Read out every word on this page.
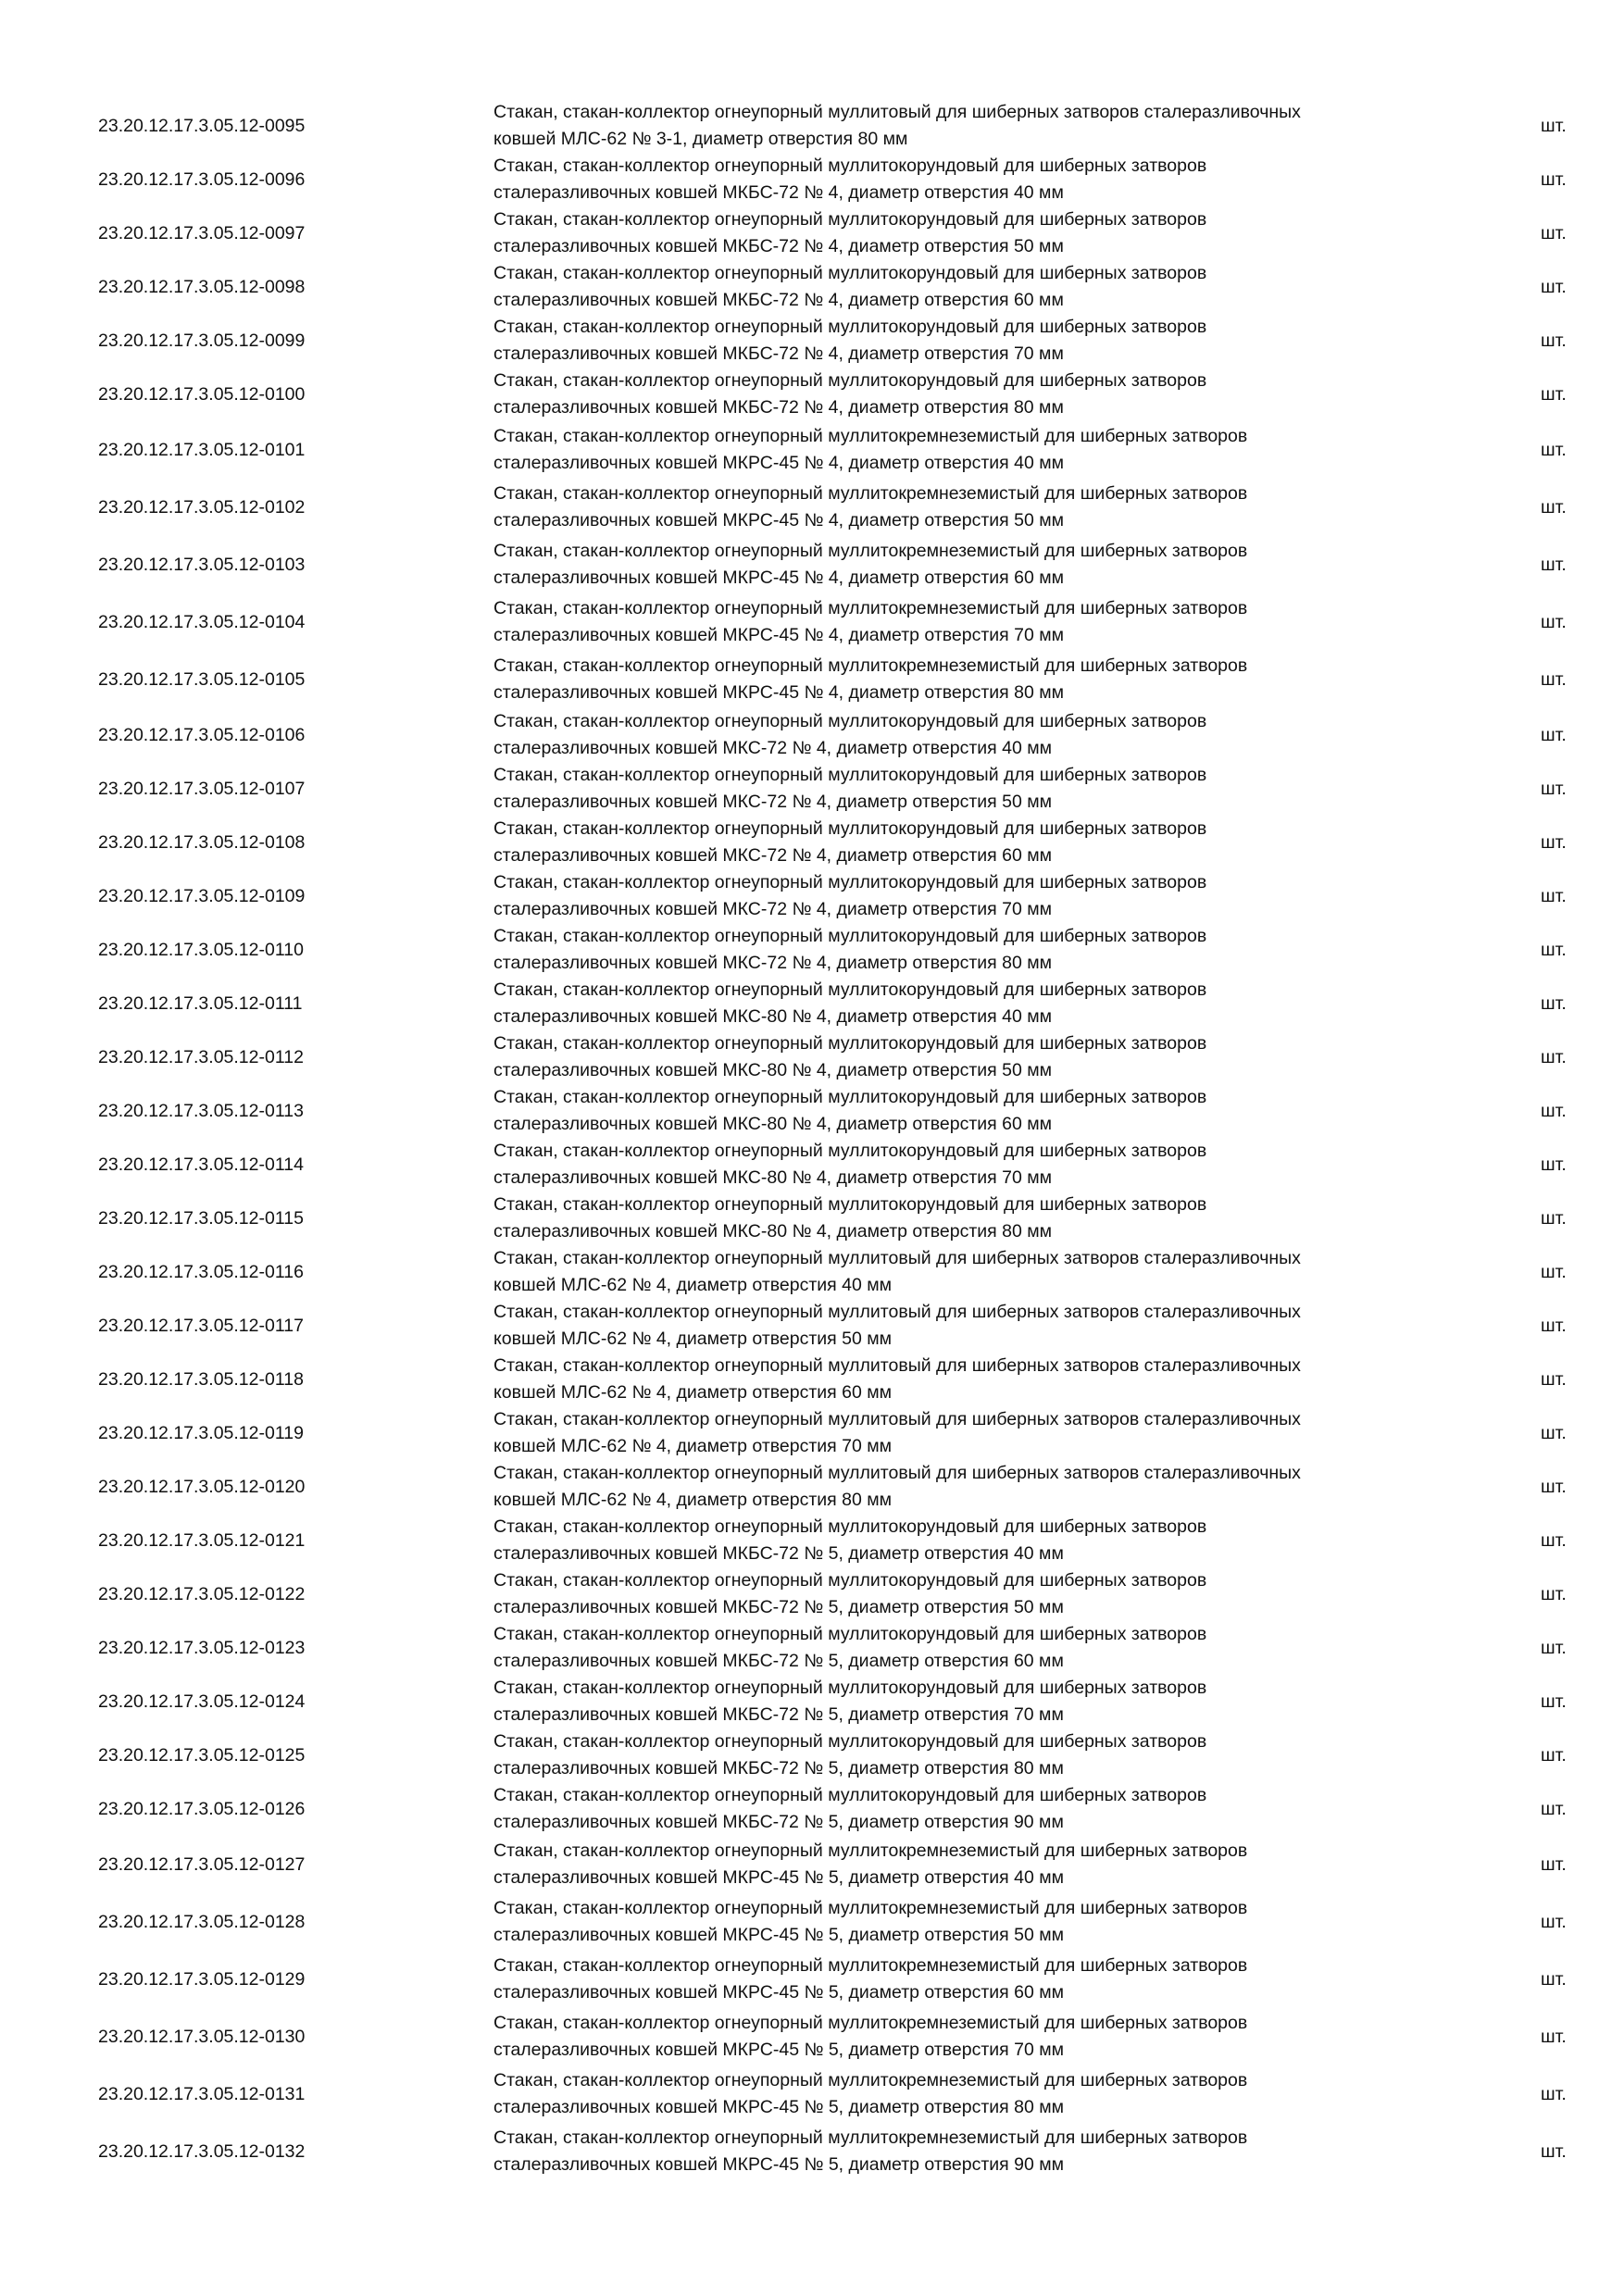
23.20.12.17.3.05.12-0095
Стакан, стакан-коллектор огнеупорный муллитовый для шиберных затворов сталеразливочных
ковшей МЛС-62 № 3-1, диаметр отверстия 80 мм
шт.
23.20.12.17.3.05.12-0096
Стакан, стакан-коллектор огнеупорный муллитокорундовый для шиберных затворов
сталеразливочных ковшей МКБС-72 № 4, диаметр отверстия 40 мм
шт.
23.20.12.17.3.05.12-0097
Стакан, стакан-коллектор огнеупорный муллитокорундовый для шиберных затворов
сталеразливочных ковшей МКБС-72 № 4, диаметр отверстия 50 мм
шт.
23.20.12.17.3.05.12-0098
Стакан, стакан-коллектор огнеупорный муллитокорундовый для шиберных затворов
сталеразливочных ковшей МКБС-72 № 4, диаметр отверстия 60 мм
шт.
23.20.12.17.3.05.12-0099
Стакан, стакан-коллектор огнеупорный муллитокорундовый для шиберных затворов
сталеразливочных ковшей МКБС-72 № 4, диаметр отверстия 70 мм
шт.
23.20.12.17.3.05.12-0100
Стакан, стакан-коллектор огнеупорный муллитокорундовый для шиберных затворов
сталеразливочных ковшей МКБС-72 № 4, диаметр отверстия 80 мм
шт.
23.20.12.17.3.05.12-0101
Стакан, стакан-коллектор огнеупорный муллитокремнеземистый для шиберных затворов
сталеразливочных ковшей МКРС-45 № 4, диаметр отверстия 40 мм
шт.
23.20.12.17.3.05.12-0102
Стакан, стакан-коллектор огнеупорный муллитокремнеземистый для шиберных затворов
сталеразливочных ковшей МКРС-45 № 4, диаметр отверстия 50 мм
шт.
23.20.12.17.3.05.12-0103
Стакан, стакан-коллектор огнеупорный муллитокремнеземистый для шиберных затворов
сталеразливочных ковшей МКРС-45 № 4, диаметр отверстия 60 мм
шт.
23.20.12.17.3.05.12-0104
Стакан, стакан-коллектор огнеупорный муллитокремнеземистый для шиберных затворов
сталеразливочных ковшей МКРС-45 № 4, диаметр отверстия 70 мм
шт.
23.20.12.17.3.05.12-0105
Стакан, стакан-коллектор огнеупорный муллитокремнеземистый для шиберных затворов
сталеразливочных ковшей МКРС-45 № 4, диаметр отверстия 80 мм
шт.
23.20.12.17.3.05.12-0106
Стакан, стакан-коллектор огнеупорный муллитокорундовый для шиберных затворов
сталеразливочных ковшей МКС-72 № 4, диаметр отверстия 40 мм
шт.
23.20.12.17.3.05.12-0107
Стакан, стакан-коллектор огнеупорный муллитокорундовый для шиберных затворов
сталеразливочных ковшей МКС-72 № 4, диаметр отверстия 50 мм
шт.
23.20.12.17.3.05.12-0108
Стакан, стакан-коллектор огнеупорный муллитокорундовый для шиберных затворов
сталеразливочных ковшей МКС-72 № 4, диаметр отверстия 60 мм
шт.
23.20.12.17.3.05.12-0109
Стакан, стакан-коллектор огнеупорный муллитокорундовый для шиберных затворов
сталеразливочных ковшей МКС-72 № 4, диаметр отверстия 70 мм
шт.
23.20.12.17.3.05.12-0110
Стакан, стакан-коллектор огнеупорный муллитокорундовый для шиберных затворов
сталеразливочных ковшей МКС-72 № 4, диаметр отверстия 80 мм
шт.
23.20.12.17.3.05.12-0111
Стакан, стакан-коллектор огнеупорный муллитокорундовый для шиберных затворов
сталеразливочных ковшей МКС-80 № 4, диаметр отверстия 40 мм
шт.
23.20.12.17.3.05.12-0112
Стакан, стакан-коллектор огнеупорный муллитокорундовый для шиберных затворов
сталеразливочных ковшей МКС-80 № 4, диаметр отверстия 50 мм
шт.
23.20.12.17.3.05.12-0113
Стакан, стакан-коллектор огнеупорный муллитокорундовый для шиберных затворов
сталеразливочных ковшей МКС-80 № 4, диаметр отверстия 60 мм
шт.
23.20.12.17.3.05.12-0114
Стакан, стакан-коллектор огнеупорный муллитокорундовый для шиберных затворов
сталеразливочных ковшей МКС-80 № 4, диаметр отверстия 70 мм
шт.
23.20.12.17.3.05.12-0115
Стакан, стакан-коллектор огнеупорный муллитокорундовый для шиберных затворов
сталеразливочных ковшей МКС-80 № 4, диаметр отверстия 80 мм
шт.
23.20.12.17.3.05.12-0116
Стакан, стакан-коллектор огнеупорный муллитовый для шиберных затворов сталеразливочных
ковшей МЛС-62 № 4, диаметр отверстия 40 мм
шт.
23.20.12.17.3.05.12-0117
Стакан, стакан-коллектор огнеупорный муллитовый для шиберных затворов сталеразливочных
ковшей МЛС-62 № 4, диаметр отверстия 50 мм
шт.
23.20.12.17.3.05.12-0118
Стакан, стакан-коллектор огнеупорный муллитовый для шиберных затворов сталеразливочных
ковшей МЛС-62 № 4, диаметр отверстия 60 мм
шт.
23.20.12.17.3.05.12-0119
Стакан, стакан-коллектор огнеупорный муллитовый для шиберных затворов сталеразливочных
ковшей МЛС-62 № 4, диаметр отверстия 70 мм
шт.
23.20.12.17.3.05.12-0120
Стакан, стакан-коллектор огнеупорный муллитовый для шиберных затворов сталеразливочных
ковшей МЛС-62 № 4, диаметр отверстия 80 мм
шт.
23.20.12.17.3.05.12-0121
Стакан, стакан-коллектор огнеупорный муллитокорундовый для шиберных затворов
сталеразливочных ковшей МКБС-72 № 5, диаметр отверстия 40 мм
шт.
23.20.12.17.3.05.12-0122
Стакан, стакан-коллектор огнеупорный муллитокорундовый для шиберных затворов
сталеразливочных ковшей МКБС-72 № 5, диаметр отверстия 50 мм
шт.
23.20.12.17.3.05.12-0123
Стакан, стакан-коллектор огнеупорный муллитокорундовый для шиберных затворов
сталеразливочных ковшей МКБС-72 № 5, диаметр отверстия 60 мм
шт.
23.20.12.17.3.05.12-0124
Стакан, стакан-коллектор огнеупорный муллитокорундовый для шиберных затворов
сталеразливочных ковшей МКБС-72 № 5, диаметр отверстия 70 мм
шт.
23.20.12.17.3.05.12-0125
Стакан, стакан-коллектор огнеупорный муллитокорундовый для шиберных затворов
сталеразливочных ковшей МКБС-72 № 5, диаметр отверстия 80 мм
шт.
23.20.12.17.3.05.12-0126
Стакан, стакан-коллектор огнеупорный муллитокорундовый для шиберных затворов
сталеразливочных ковшей МКБС-72 № 5, диаметр отверстия 90 мм
шт.
23.20.12.17.3.05.12-0127
Стакан, стакан-коллектор огнеупорный муллитокремнеземистый для шиберных затворов
сталеразливочных ковшей МКРС-45 № 5, диаметр отверстия 40 мм
шт.
23.20.12.17.3.05.12-0128
Стакан, стакан-коллектор огнеупорный муллитокремнеземистый для шиберных затворов
сталеразливочных ковшей МКРС-45 № 5, диаметр отверстия 50 мм
шт.
23.20.12.17.3.05.12-0129
Стакан, стакан-коллектор огнеупорный муллитокремнеземистый для шиберных затворов
сталеразливочных ковшей МКРС-45 № 5, диаметр отверстия 60 мм
шт.
23.20.12.17.3.05.12-0130
Стакан, стакан-коллектор огнеупорный муллитокремнеземистый для шиберных затворов
сталеразливочных ковшей МКРС-45 № 5, диаметр отверстия 70 мм
шт.
23.20.12.17.3.05.12-0131
Стакан, стакан-коллектор огнеупорный муллитокремнеземистый для шиберных затворов
сталеразливочных ковшей МКРС-45 № 5, диаметр отверстия 80 мм
шт.
23.20.12.17.3.05.12-0132
Стакан, стакан-коллектор огнеупорный муллитокремнеземистый для шиберных затворов
сталеразливочных ковшей МКРС-45 № 5, диаметр отверстия 90 мм
шт.
